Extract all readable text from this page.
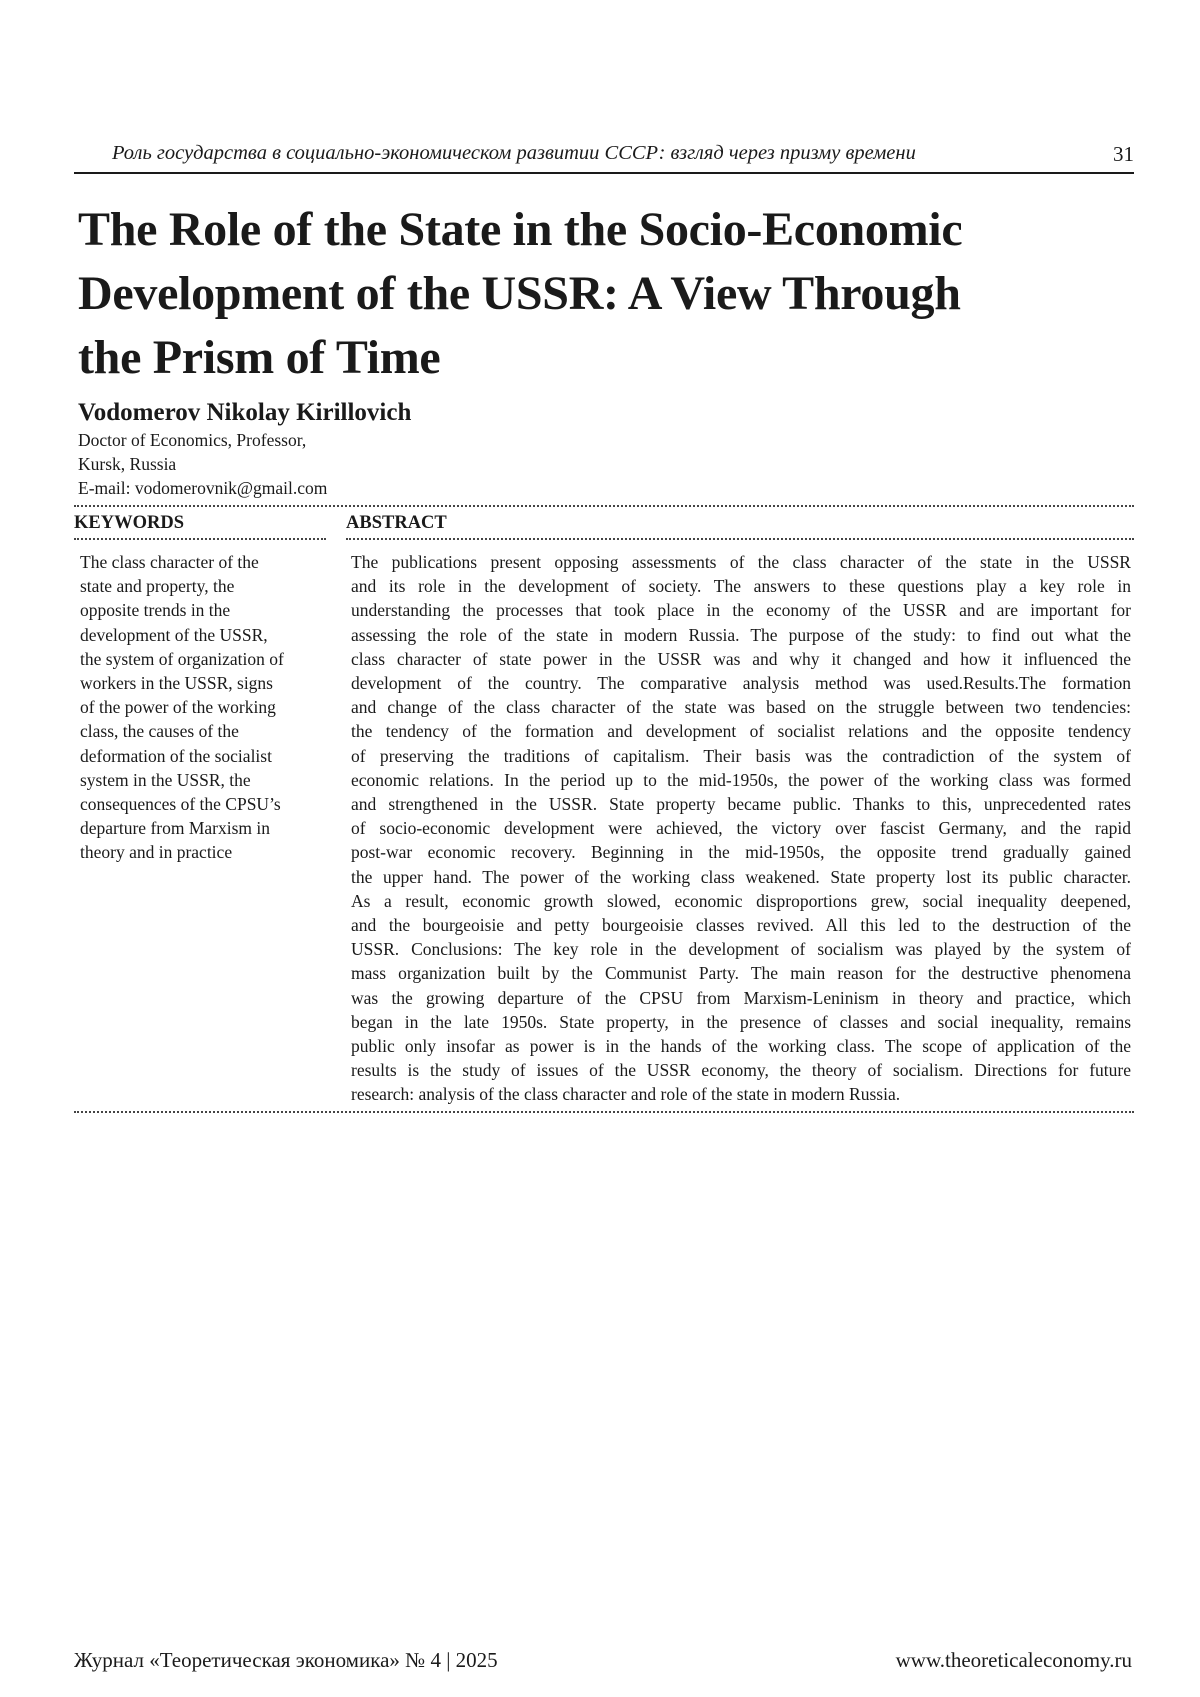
Роль государства в социально-экономическом развитии СССР: взгляд через призму времени	31
The Role of the State in the Socio-Economic
Development of the USSR: A View Through
the Prism of Time
Vodomerov Nikolay Kirillovich
Doctor of Economics, Professor,
Kursk, Russia
E-mail: vodomerovnik@gmail.com
KEYWORDS	ABSTRACT
The class character of the
state and property, the
opposite trends in the
development of the USSR,
the system of organization of
workers in the USSR, signs
of the power of the working
class, the causes of the
deformation of the socialist
system in the USSR, the
consequences of the CPSU’s
departure from Marxism in
theory and in practice
The publications present opposing assessments of the class character of the state in the USSR
and its role in the development of society. The answers to these questions play a key role in
understanding the processes that took place in the economy of the USSR and are important for
assessing the role of the state in modern Russia. The purpose of the study: to find out what the
class character of state power in the USSR was and why it changed and how it influenced the
development of the country. The comparative analysis method was used.Results.The formation
and change of the class character of the state was based on the struggle between two tendencies:
the tendency of the formation and development of socialist relations and the opposite tendency
of preserving the traditions of capitalism. Their basis was the contradiction of the system of
economic relations. In the period up to the mid-1950s, the power of the working class was formed
and strengthened in the USSR. State property became public. Thanks to this, unprecedented rates
of socio-economic development were achieved, the victory over fascist Germany, and the rapid
post-war economic recovery. Beginning in the mid-1950s, the opposite trend gradually gained
the upper hand. The power of the working class weakened. State property lost its public character.
As a result, economic growth slowed, economic disproportions grew, social inequality deepened,
and the bourgeoisie and petty bourgeoisie classes revived. All this led to the destruction of the
USSR. Conclusions: The key role in the development of socialism was played by the system of
mass organization built by the Communist Party. The main reason for the destructive phenomena
was the growing departure of the CPSU from Marxism-Leninism in theory and practice, which
began in the late 1950s. State property, in the presence of classes and social inequality, remains
public only insofar as power is in the hands of the working class. The scope of application of the
results is the study of issues of the USSR economy, the theory of socialism. Directions for future
research: analysis of the class character and role of the state in modern Russia.
Журнал «Теоретическая экономика» № 4 | 2025	www.theoreticaleconomy.ru
